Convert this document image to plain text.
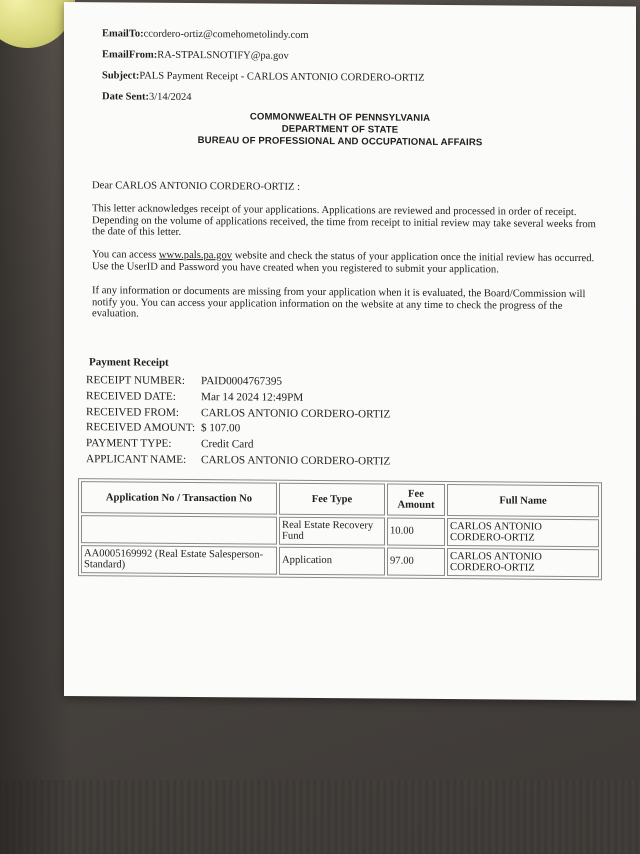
EmailTo:ccordero-ortiz@comehometolindy.com
EmailFrom:RA-STPALSNOTIFY@pa.gov
Subject:PALS Payment Receipt - CARLOS ANTONIO CORDERO-ORTIZ
Date Sent:3/14/2024
COMMONWEALTH OF PENNSYLVANIA
DEPARTMENT OF STATE
BUREAU OF PROFESSIONAL AND OCCUPATIONAL AFFAIRS
Dear CARLOS ANTONIO CORDERO-ORTIZ :
This letter acknowledges receipt of your applications. Applications are reviewed and processed in order of receipt. Depending on the volume of applications received, the time from receipt to initial review may take several weeks from the date of this letter.
You can access www.pals.pa.gov website and check the status of your application once the initial review has occurred. Use the UserID and Password you have created when you registered to submit your application.
If any information or documents are missing from your application when it is evaluated, the Board/Commission will notify you. You can access your application information on the website at any time to check the progress of the evaluation.
Payment Receipt
RECEIPT NUMBER: PAID0004767395
RECEIVED DATE: Mar 14 2024 12:49PM
RECEIVED FROM: CARLOS ANTONIO CORDERO-ORTIZ
RECEIVED AMOUNT: $ 107.00
PAYMENT TYPE:	Credit Card
APPLICANT NAME: CARLOS ANTONIO CORDERO-ORTIZ
Application No / Transaction No	Fee Type	Fee Amount	Full Name
	Real Estate Recovery Fund	10.00	CARLOS ANTONIO CORDERO-ORTIZ
AA0005169992 (Real Estate Salesperson-Standard)	Application	97.00	CARLOS ANTONIO CORDERO-ORTIZ
